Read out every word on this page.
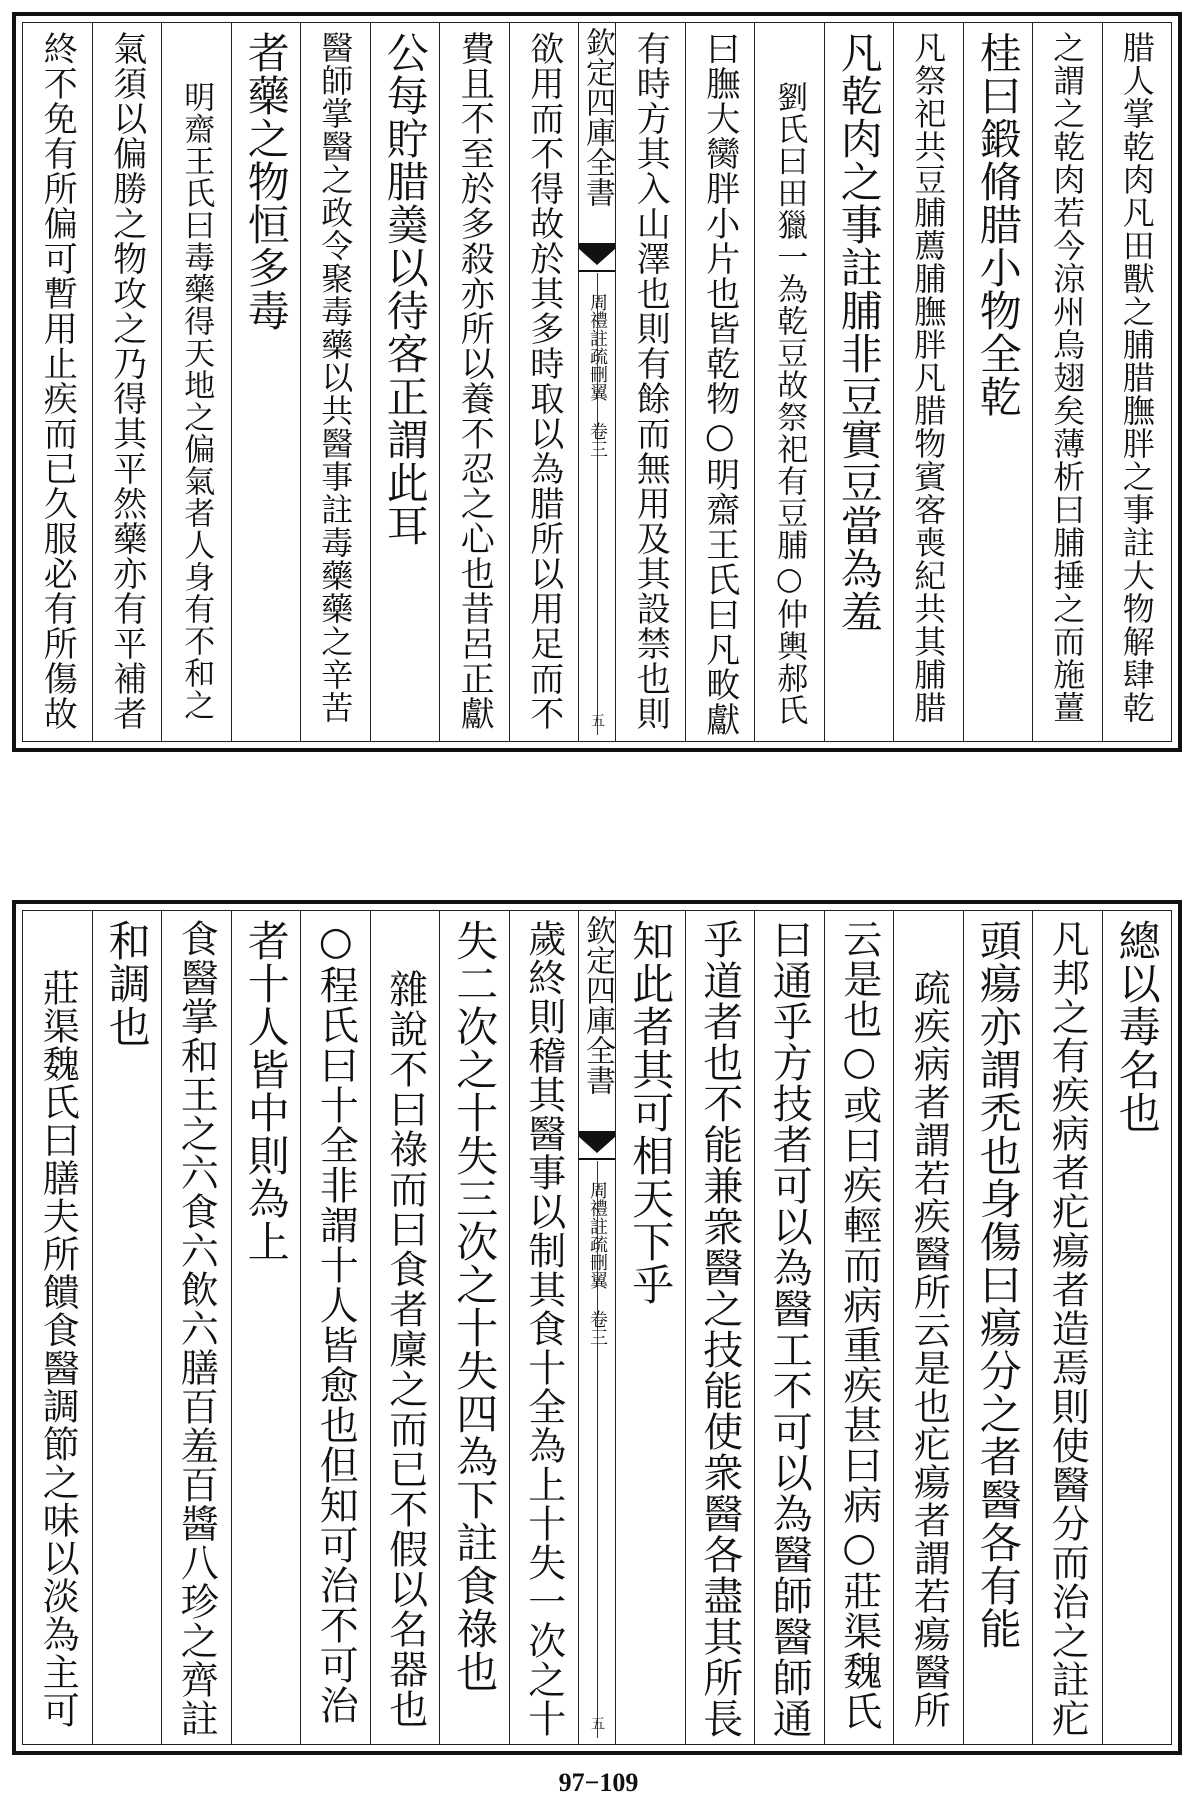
腊人掌乾肉凡田獸之脯腊膴胖之事註大物解肆乾
之謂之乾肉若今涼州烏翅矣薄析曰脯捶之而施薑
桂曰鍛脩腊小物全乾
凡祭祀共豆脯薦脯膴胖凡腊物賓客喪紀共其脯腊
凡乾肉之事註脯非豆實豆當為羞
劉氏曰田獵一為乾豆故祭祀有豆脯○仲輿郝氏
曰膴大臠胖小片也皆乾物○明齋王氏曰凡畋獻
有時方其入山澤也則有餘而無用及其設禁也則
欽定四庫全書
周禮註疏刪翼 卷三
五
欲用而不得故於其多時取以為腊所以用足而不
費且不至於多殺亦所以養不忍之心也昔呂正獻
公每貯腊羮以待客正謂此耳
醫師掌醫之政令聚毒藥以共醫事註毒藥藥之辛苦
者藥之物恒多毒
明齋王氏曰毒藥得天地之偏氣者人身有不和之
氣須以偏勝之物攻之乃得其平然藥亦有平補者
終不免有所偏可暫用止疾而已久服必有所傷故
總以毒名也
凡邦之有疾病者疕瘍者造焉則使醫分而治之註疕
頭瘍亦謂禿也身傷曰瘍分之者醫各有能
疏疾病者謂若疾醫所云是也疕瘍者謂若瘍醫所
云是也○或曰疾輕而病重疾甚曰病○莊渠魏氏
曰通乎方技者可以為醫工不可以為醫師醫師通
乎道者也不能兼衆醫之技能使衆醫各盡其所長
知此者其可相天下乎
欽定四庫全書
周禮註疏刪翼 卷三
五
歲終則稽其醫事以制其食十全為上十失一次之十
失二次之十失三次之十失四為下註食祿也
雜說不曰祿而曰食者廩之而已不假以名器也
○程氏曰十全非謂十人皆愈也但知可治不可治
者十人皆中則為上
食醫掌和王之六食六飲六膳百羞百醬八珍之齊註
和調也
莊渠魏氏曰膳夫所饋食醫調節之味以淡為主可
97−109
